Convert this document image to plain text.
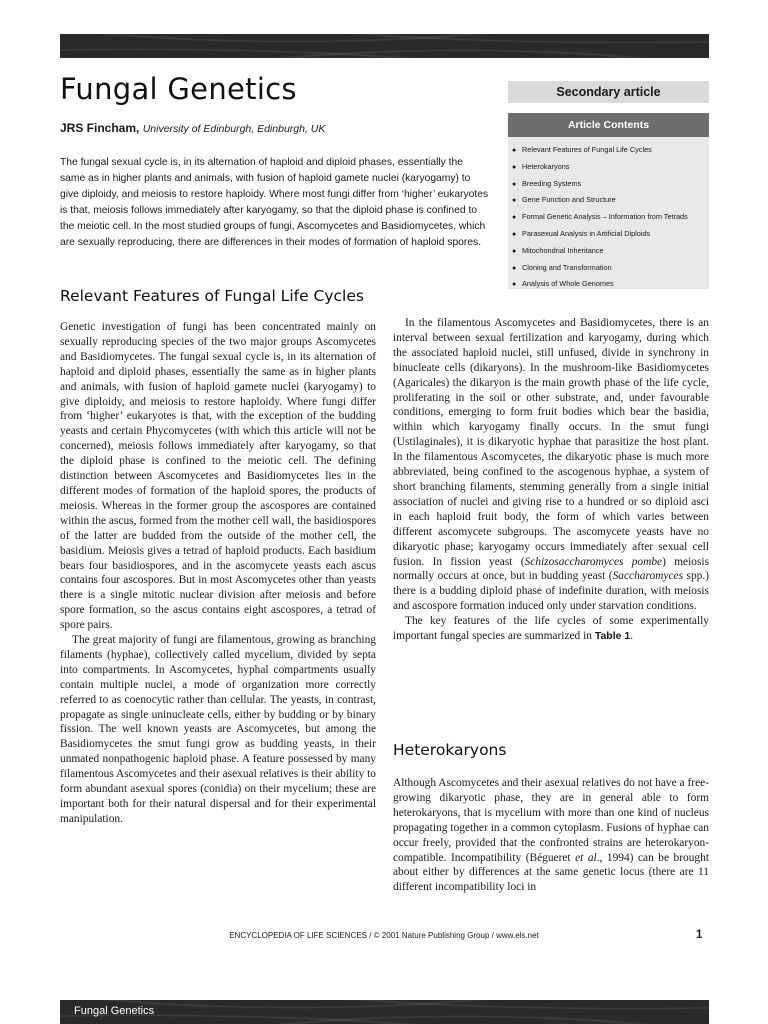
Fungal Genetics
JRS Fincham, University of Edinburgh, Edinburgh, UK

The fungal sexual cycle is, in its alternation of haploid and diploid phases, essentially the same as in higher plants and animals, with fusion of haploid gamete nuclei (karyogamy) to give diploidy, and meiosis to restore haploidy. Where most fungi differ from ‘higher’ eukaryotes is that, meiosis follows immediately after karyogamy, so that the diploid phase is confined to the meiotic cell. In the most studied groups of fungi, Ascomycetes and Basidiomycetes, which are sexually reproducing, there are differences in their modes of formation of haploid spores.

Secondary article
Article Contents
● Relevant Features of Fungal Life Cycles
● Heterokaryons
● Breeding Systems
● Gene Function and Structure
● Formal Genetic Analysis – Information from Tetrads
● Parasexual Analysis in Artificial Diploids
● Mitochondrial Inheritance
● Cloning and Transformation
● Analysis of Whole Genomes
Relevant Features of Fungal Life Cycles

Genetic investigation of fungi has been concentrated mainly on sexually reproducing species of the two major groups Ascomycetes and Basidiomycetes. The fungal sexual cycle is, in its alternation of haploid and diploid phases, essentially the same as in higher plants and animals, with fusion of haploid gamete nuclei (karyogamy) to give diploidy, and meiosis to restore haploidy. Where fungi differ from ‘higher’ eukaryotes is that, with the exception of the budding yeasts and certain Phycomycetes (with which this article will not be concerned), meiosis follows immediately after karyogamy, so that the diploid phase is confined to the meiotic cell. The defining distinction between Ascomycetes and Basidiomycetes lies in the different modes of formation of the haploid spores, the products of meiosis. Whereas in the former group the ascospores are contained within the ascus, formed from the mother cell wall, the basidiospores of the latter are budded from the outside of the mother cell, the basidium. Meiosis gives a tetrad of haploid products. Each basidium bears four basidiospores, and in the ascomycete yeasts each ascus contains four ascospores. But in most Ascomycetes other than yeasts there is a single mitotic nuclear division after meiosis and before spore formation, so the ascus contains eight ascospores, a tetrad of spore pairs.

The great majority of fungi are filamentous, growing as branching filaments (hyphae), collectively called mycelium, divided by septa into compartments. In Ascomycetes, hyphal compartments usually contain multiple nuclei, a mode of organization more correctly referred to as coenocytic rather than cellular. The yeasts, in contrast, propagate as single uninucleate cells, either by budding or by binary fission. The well known yeasts are Ascomycetes, but among the Basidiomycetes the smut fungi grow as budding yeasts, in their unmated nonpathogenic haploid phase. A feature possessed by many filamentous Ascomycetes and their asexual relatives is their ability to form abundant asexual spores (conidia) on their mycelium; these are important both for their natural dispersal and for their experimental manipulation.

In the filamentous Ascomycetes and Basidiomycetes, there is an interval between sexual fertilization and karyogamy, during which the associated haploid nuclei, still unfused, divide in synchrony in binucleate cells (dikaryons). In the mushroom-like Basidiomycetes (Agaricales) the dikaryon is the main growth phase of the life cycle, proliferating in the soil or other substrate, and, under favourable conditions, emerging to form fruit bodies which bear the basidia, within which karyogamy finally occurs. In the smut fungi (Ustilaginales), it is dikaryotic hyphae that parasitize the host plant. In the filamentous Ascomycetes, the dikaryotic phase is much more abbreviated, being confined to the ascogenous hyphae, a system of short branching filaments, stemming generally from a single initial association of nuclei and giving rise to a hundred or so diploid asci in each haploid fruit body, the form of which varies between different ascomycete subgroups. The ascomycete yeasts have no dikaryotic phase; karyogamy occurs immediately after sexual cell fusion. In fission yeast (Schizosaccharomyces pombe) meiosis normally occurs at once, but in budding yeast (Saccharomyces spp.) there is a budding diploid phase of indefinite duration, with meiosis and ascospore formation induced only under starvation conditions.

The key features of the life cycles of some experimentally important fungal species are summarized in Table 1.

Heterokaryons

Although Ascomycetes and their asexual relatives do not have a free-growing dikaryotic phase, they are in general able to form heterokaryons, that is mycelium with more than one kind of nucleus propagating together in a common cytoplasm. Fusions of hyphae can occur freely, provided that the confronted strains are heterokaryon-compatible. Incompatibility (Bégueret et al., 1994) can be brought about either by differences at the same genetic locus (there are 11 different incompatibility loci in

ENCYCLOPEDIA OF LIFE SCIENCES / © 2001 Nature Publishing Group / www.els.net	1
Fungal Genetics
